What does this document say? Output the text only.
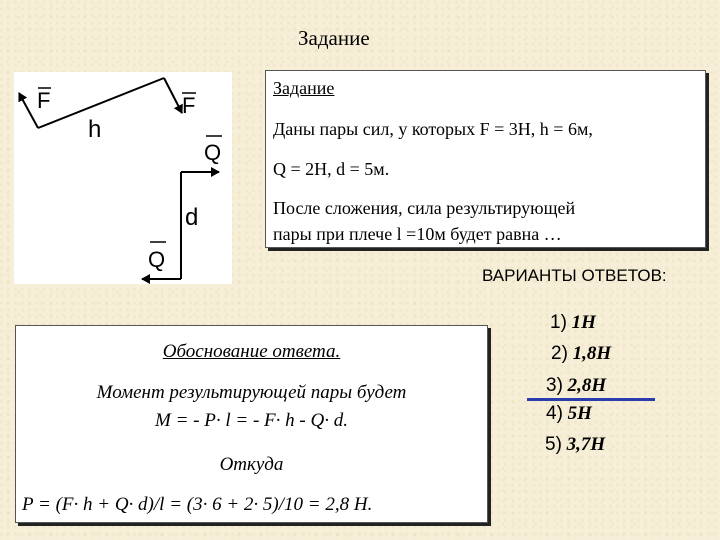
Задание
F	F
h
Q
d
Q
Задание
Даны пары сил, у которых F = 3H, h = 6м,
Q = 2H, d = 5м.
После сложения, сила результирующей
пары при плече l =10м будет равна …
ВАРИАНТЫ ОТВЕТОВ:
Обоснование ответа.
Момент результирующей пары будет
M = - P· l = - F· h - Q· d.
Откуда
P = (F· h + Q· d)/l = (3· 6 + 2· 5)/10 = 2,8 H.
1) 1H
2) 1,8H
3) 2,8H
4) 5H
5) 3,7H
